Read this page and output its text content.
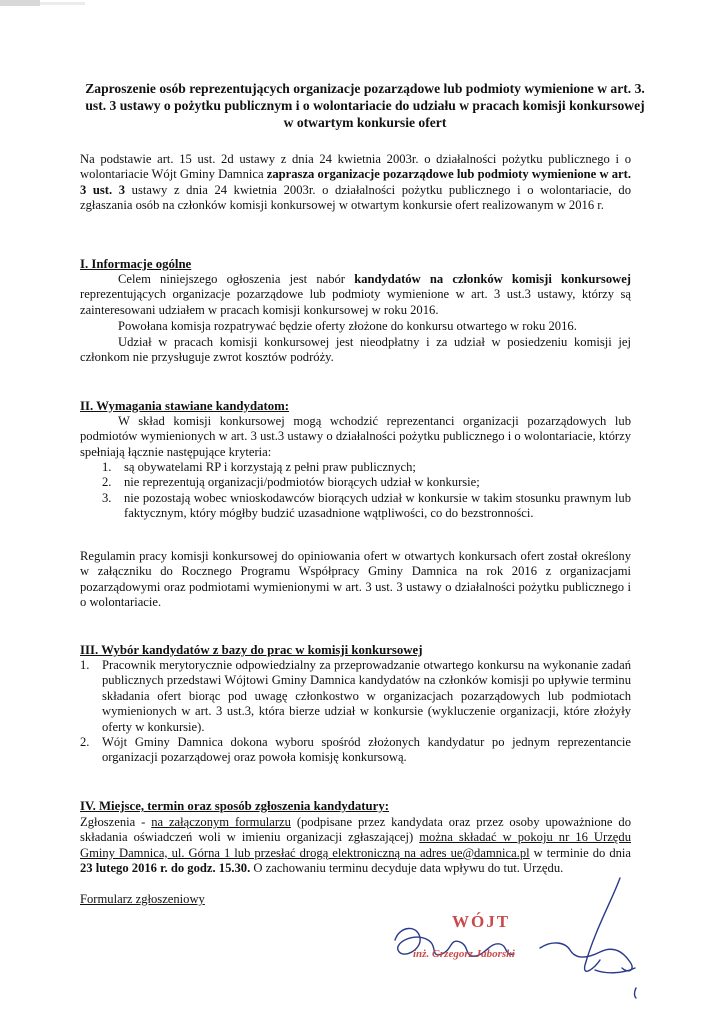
Zaproszenie osób reprezentujących organizacje pozarządowe lub podmioty wymienione w art. 3. ust. 3 ustawy o pożytku publicznym i o wolontariacie do udziału w pracach komisji konkursowej w otwartym konkursie ofert
Na podstawie art. 15 ust. 2d ustawy z dnia 24 kwietnia 2003r. o działalności pożytku publicznego i o wolontariacie Wójt Gminy Damnica zaprasza organizacje pozarządowe lub podmioty wymienione w art. 3 ust. 3 ustawy z dnia 24 kwietnia 2003r. o działalności pożytku publicznego i o wolontariacie, do zgłaszania osób na członków komisji konkursowej w otwartym konkursie ofert realizowanym w 2016 r.
I. Informacje ogólne
Celem niniejszego ogłoszenia jest nabór kandydatów na członków komisji konkursowej reprezentujących organizacje pozarządowe lub podmioty wymienione w art. 3 ust.3 ustawy, którzy są zainteresowani udziałem w pracach komisji konkursowej w roku 2016.
Powołana komisja rozpatrywać będzie oferty złożone do konkursu otwartego w roku 2016.
Udział w pracach komisji konkursowej jest nieodpłatny i za udział w posiedzeniu komisji jej członkom nie przysługuje zwrot kosztów podróży.
II. Wymagania stawiane kandydatom:
W skład komisji konkursowej mogą wchodzić reprezentanci organizacji pozarządowych lub podmiotów wymienionych w art. 3 ust.3 ustawy o działalności pożytku publicznego i o wolontariacie, którzy spełniają łącznie następujące kryteria:
1. są obywatelami RP i korzystają z pełni praw publicznych;
2. nie reprezentują organizacji/podmiotów biorących udział w konkursie;
3. nie pozostają wobec wnioskodawców biorących udział w konkursie w takim stosunku prawnym lub faktycznym, który mógłby budzić uzasadnione wątpliwości, co do bezstronności.
Regulamin pracy komisji konkursowej do opiniowania ofert w otwartych konkursach ofert został określony w załączniku do Rocznego Programu Współpracy Gminy Damnica na rok 2016 z organizacjami pozarządowymi oraz podmiotami wymienionymi w art. 3 ust. 3 ustawy o działalności pożytku publicznego i o wolontariacie.
III. Wybór kandydatów z bazy do prac w komisji konkursowej
1. Pracownik merytorycznie odpowiedzialny za przeprowadzanie otwartego konkursu na wykonanie zadań publicznych przedstawi Wójtowi Gminy Damnica kandydatów na członków komisji po upływie terminu składania ofert biorąc pod uwagę członkostwo w organizacjach pozarządowych lub podmiotach wymienionych w art. 3 ust.3, która bierze udział w konkursie (wykluczenie organizacji, które złożyły oferty w konkursie).
2. Wójt Gminy Damnica dokona wyboru spośród złożonych kandydatur po jednym reprezentancie organizacji pozarządowej oraz powoła komisję konkursową.
IV. Miejsce, termin oraz sposób zgłoszenia kandydatury:
Zgłoszenia - na załączonym formularzu (podpisane przez kandydata oraz przez osoby upoważnione do składania oświadczeń woli w imieniu organizacji zgłaszającej) można składać w pokoju nr 16 Urzędu Gminy Damnica, ul. Górna 1 lub przesłać drogą elektroniczną na adres ue@damnica.pl w terminie do dnia 23 lutego 2016 r. do godz. 15.30. O zachowaniu terminu decyduje data wpływu do tut. Urzędu.
Formularz zgłoszeniowy
WÓJT
inż. Grzegorz Jaborski
